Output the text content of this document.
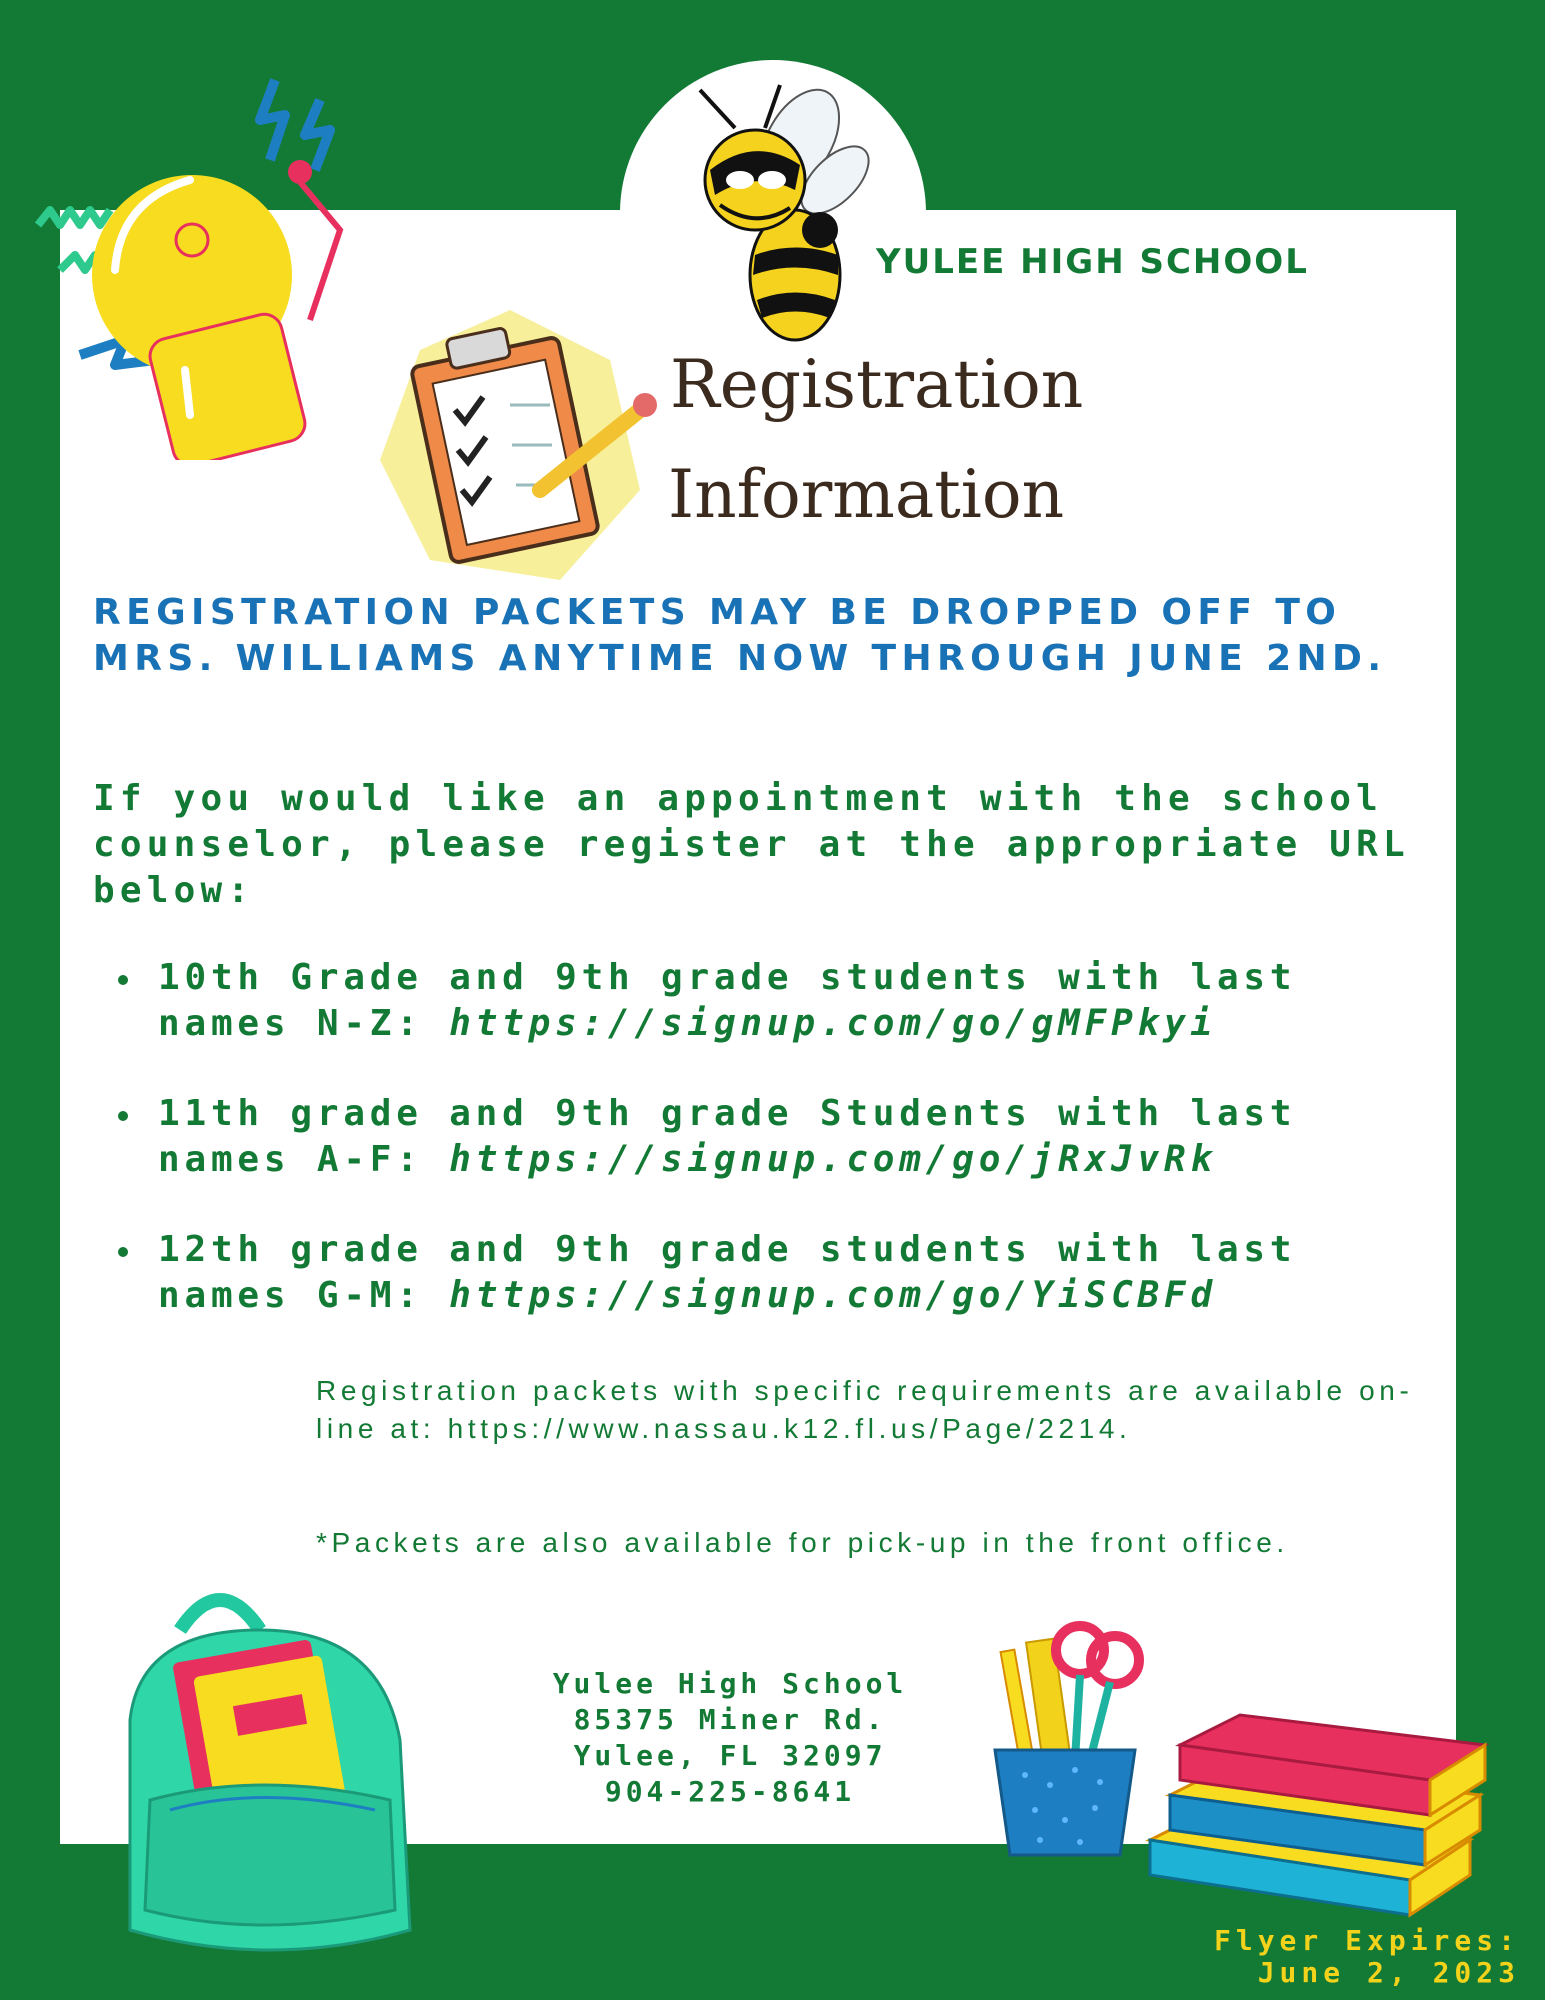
YULEE HIGH SCHOOL
Registration
Information

REGISTRATION PACKETS MAY BE DROPPED OFF TO MRS. WILLIAMS ANYTIME NOW THROUGH JUNE 2ND.

If you would like an appointment with the school counselor, please register at the appropriate URL below:

10th Grade and 9th grade students with last names N-Z: https://signup.com/go/gMFPkyi
11th grade and 9th grade Students with last names A-F: https://signup.com/go/jRxJvRk
12th grade and 9th grade students with last names G-M: https://signup.com/go/YiSCBFd

Registration packets with specific requirements are available on-line at: https://www.nassau.k12.fl.us/Page/2214.

*Packets are also available for pick-up in the front office.

Yulee High School
85375 Miner Rd.
Yulee, FL 32097
904-225-8641

Flyer Expires:
June 2, 2023
